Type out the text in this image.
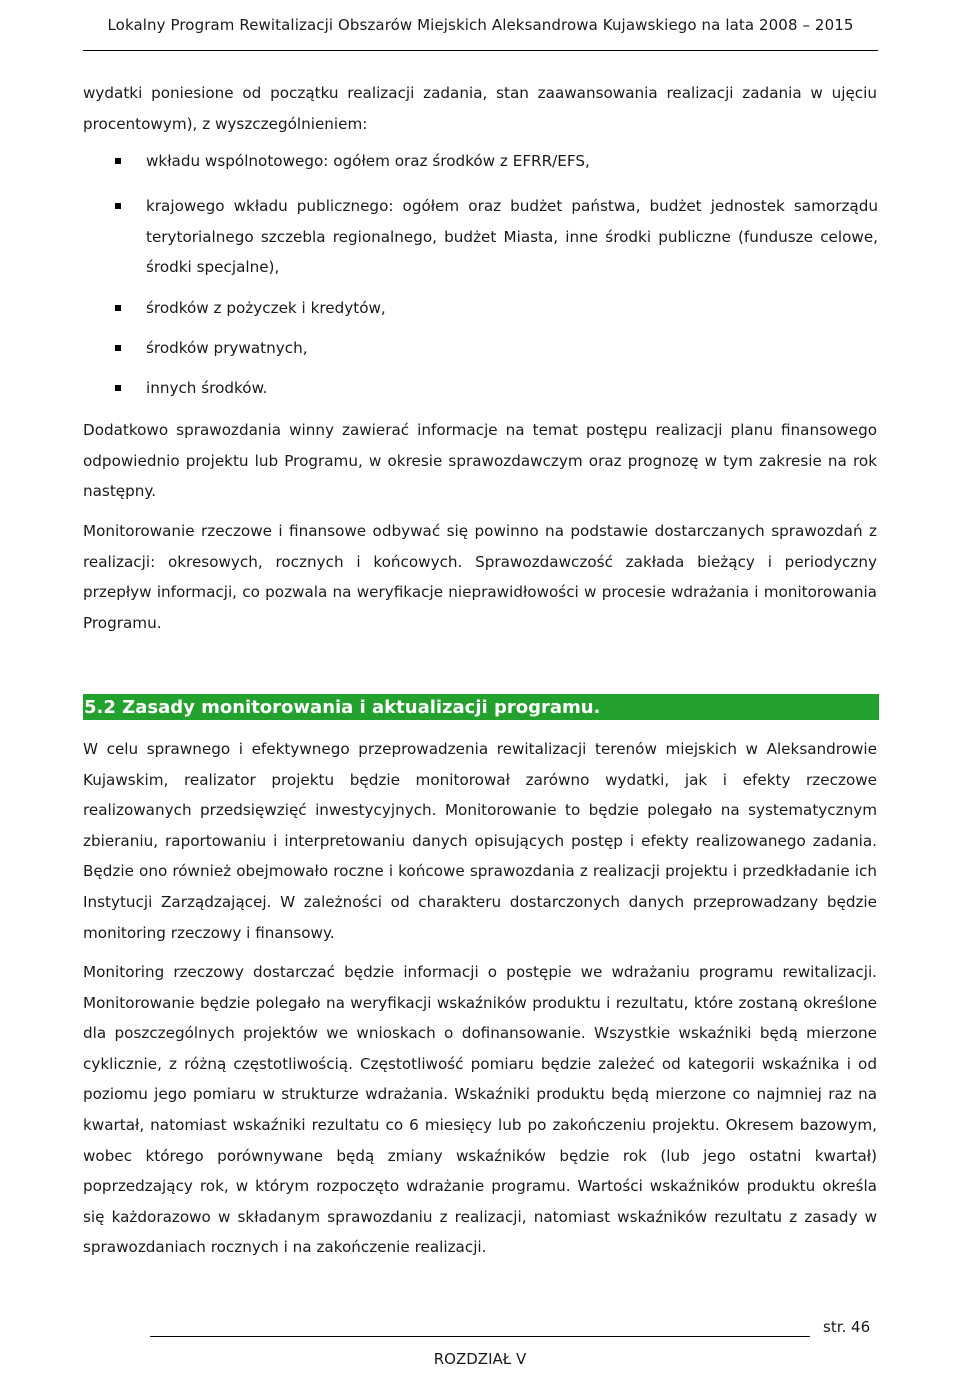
Lokalny Program Rewitalizacji Obszarów Miejskich Aleksandrowa Kujawskiego na lata 2008 – 2015
wydatki poniesione od początku realizacji zadania, stan zaawansowania realizacji zadania w ujęciu procentowym), z wyszczególnieniem:
wkładu wspólnotowego: ogółem oraz środków z EFRR/EFS,
krajowego wkładu publicznego: ogółem oraz budżet państwa, budżet jednostek samorządu terytorialnego szczebla regionalnego, budżet Miasta, inne środki publiczne (fundusze celowe, środki specjalne),
środków z pożyczek i kredytów,
środków prywatnych,
innych środków.
Dodatkowo sprawozdania winny zawierać informacje na temat postępu realizacji planu finansowego odpowiednio projektu lub Programu, w okresie sprawozdawczym oraz prognozę w tym zakresie na rok następny.
Monitorowanie rzeczowe i finansowe odbywać się powinno na podstawie dostarczanych sprawozdań z realizacji: okresowych, rocznych i końcowych. Sprawozdawczość zakłada bieżący i periodyczny przepływ informacji, co pozwala na weryfikacje nieprawidłowości w procesie wdrażania i monitorowania Programu.
5.2 Zasady monitorowania i aktualizacji programu.
W celu sprawnego i efektywnego przeprowadzenia rewitalizacji terenów miejskich w Aleksandrowie Kujawskim, realizator projektu będzie monitorował zarówno wydatki, jak i efekty rzeczowe realizowanych przedsięwzięć inwestycyjnych. Monitorowanie to będzie polegało na systematycznym zbieraniu, raportowaniu i interpretowaniu danych opisujących postęp i efekty realizowanego zadania. Będzie ono również obejmowało roczne i końcowe sprawozdania z realizacji projektu i przedkładanie ich Instytucji Zarządzającej. W zależności od charakteru dostarczonych danych przeprowadzany będzie monitoring rzeczowy i finansowy.
Monitoring rzeczowy dostarczać będzie informacji o postępie we wdrażaniu programu rewitalizacji. Monitorowanie będzie polegało na weryfikacji wskaźników produktu i rezultatu, które zostaną określone dla poszczególnych projektów we wnioskach o dofinansowanie. Wszystkie wskaźniki będą mierzone cyklicznie, z różną częstotliwością. Częstotliwość pomiaru będzie zależeć od kategorii wskaźnika i od poziomu jego pomiaru w strukturze wdrażania. Wskaźniki produktu będą mierzone co najmniej raz na kwartał, natomiast wskaźniki rezultatu co 6 miesięcy lub po zakończeniu projektu. Okresem bazowym, wobec którego porównywane będą zmiany wskaźników będzie rok (lub jego ostatni kwartał) poprzedzający rok, w którym rozpoczęto wdrażanie programu. Wartości wskaźników produktu określa się każdorazowo w składanym sprawozdaniu z realizacji, natomiast wskaźników rezultatu z zasady w sprawozdaniach rocznych i na zakończenie realizacji.
str. 46
ROZDZIAŁ V
